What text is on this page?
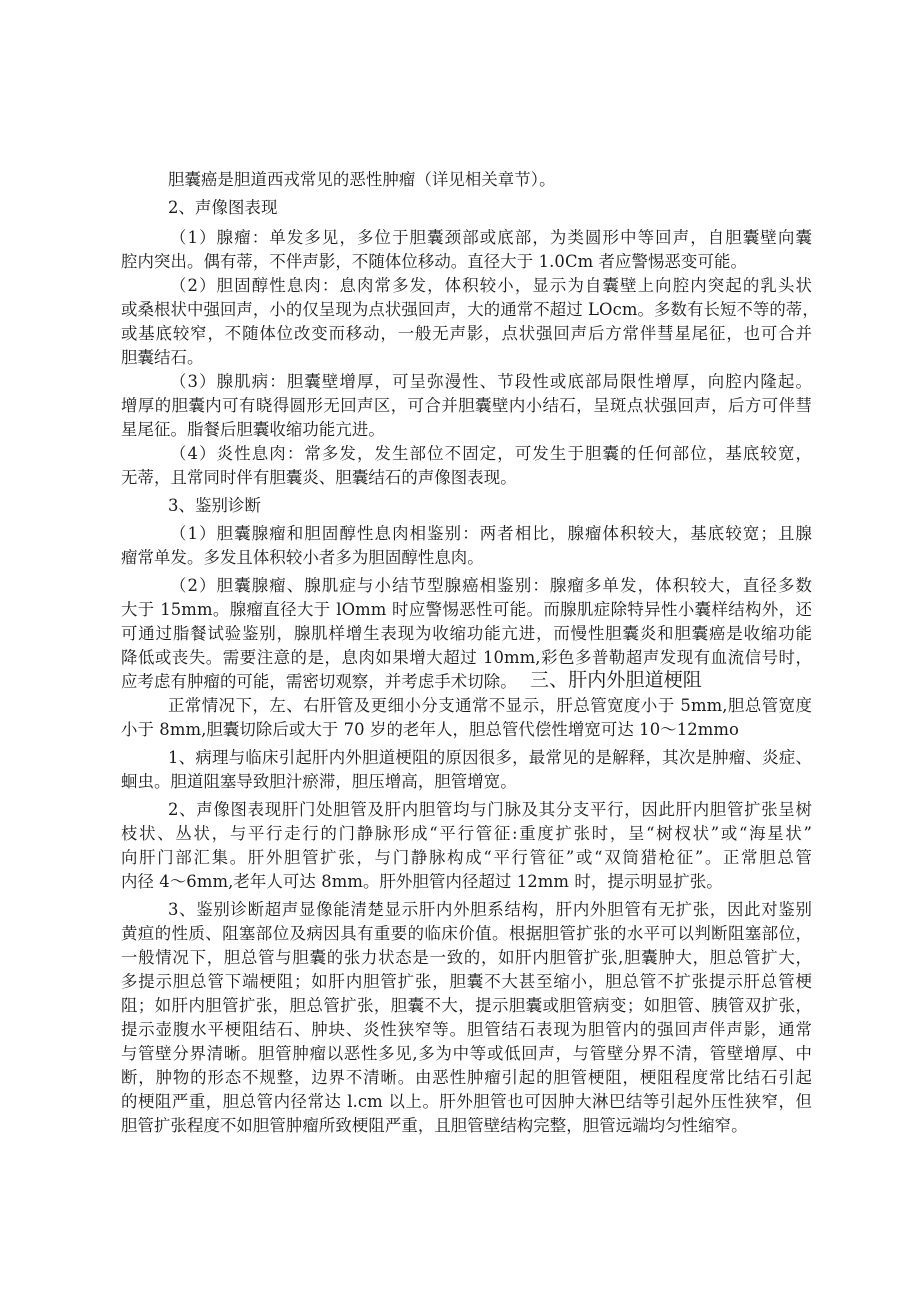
胆囊癌是胆道西戎常见的恶性肿瘤（详见相关章节）。
2、声像图表现
（1）腺瘤：单发多见，多位于胆囊颈部或底部，为类圆形中等回声，自胆囊壁向囊
腔内突出。偶有蒂，不伴声影，不随体位移动。直径大于 1.0Cm 者应警惕恶变可能。
（2）胆固醇性息肉：息肉常多发，体积较小，显示为自囊壁上向腔内突起的乳头状
或桑根状中强回声，小的仅呈现为点状强回声，大的通常不超过 LOcm。多数有长短不等的蒂，
或基底较窄，不随体位改变而移动，一般无声影，点状强回声后方常伴彗星尾征，也可合并
胆囊结石。
（3）腺肌病：胆囊壁增厚，可呈弥漫性、节段性或底部局限性增厚，向腔内隆起。
增厚的胆囊内可有晓得圆形无回声区，可合并胆囊壁内小结石，呈斑点状强回声，后方可伴彗
星尾征。脂餐后胆囊收缩功能亢进。
（4）炎性息肉：常多发，发生部位不固定，可发生于胆囊的任何部位，基底较宽，
无蒂，且常同时伴有胆囊炎、胆囊结石的声像图表现。
3、鉴别诊断
（1）胆囊腺瘤和胆固醇性息肉相鉴别：两者相比，腺瘤体积较大，基底较宽；且腺
瘤常单发。多发且体积较小者多为胆固醇性息肉。
（2）胆囊腺瘤、腺肌症与小结节型腺癌相鉴别：腺瘤多单发，体积较大，直径多数
大于 15mm。腺瘤直径大于 lOmm 时应警惕恶性可能。而腺肌症除特异性小囊样结构外，还
可通过脂餐试验鉴别，腺肌样增生表现为收缩功能亢进，而慢性胆囊炎和胆囊癌是收缩功能
降低或丧失。需要注意的是，息肉如果增大超过 10mm,彩色多普勒超声发现有血流信号时，
应考虑有肿瘤的可能，需密切观察，并考虑手术切除。 三、肝内外胆道梗阻
正常情况下，左、右肝管及更细小分支通常不显示，肝总管宽度小于 5mm,胆总管宽度
小于 8mm,胆囊切除后或大于 70 岁的老年人，胆总管代偿性增宽可达 10～12mmo
1、病理与临床引起肝内外胆道梗阻的原因很多，最常见的是解释，其次是肿瘤、炎症、
蛔虫。胆道阻塞导致胆汁瘀滞，胆压增高，胆管增宽。
2、声像图表现肝门处胆管及肝内胆管均与门脉及其分支平行，因此肝内胆管扩张呈树
枝状、丛状，与平行走行的门静脉形成“平行管征:重度扩张时，呈“树杈状”或“海星状”
向肝门部汇集。肝外胆管扩张，与门静脉构成“平行管征”或“双筒猎枪征”。正常胆总管
内径 4～6mm,老年人可达 8mm。肝外胆管内径超过 12mm 时，提示明显扩张。
3、鉴别诊断超声显像能清楚显示肝内外胆系结构，肝内外胆管有无扩张，因此对鉴别
黄疸的性质、阻塞部位及病因具有重要的临床价值。根据胆管扩张的水平可以判断阻塞部位，
一般情况下，胆总管与胆囊的张力状态是一致的，如肝内胆管扩张,胆囊肿大，胆总管扩大，
多提示胆总管下端梗阻；如肝内胆管扩张，胆囊不大甚至缩小，胆总管不扩张提示肝总管梗
阻；如肝内胆管扩张，胆总管扩张，胆囊不大，提示胆囊或胆管病变；如胆管、胰管双扩张，
提示壶腹水平梗阻结石、肿块、炎性狭窄等。胆管结石表现为胆管内的强回声伴声影，通常
与管壁分界清晰。胆管肿瘤以恶性多见,多为中等或低回声，与管壁分界不清，管壁增厚、中
断，肿物的形态不规整，边界不清晰。由恶性肿瘤引起的胆管梗阻，梗阻程度常比结石引起
的梗阻严重，胆总管内径常达 l.cm 以上。肝外胆管也可因肿大淋巴结等引起外压性狭窄，但
胆管扩张程度不如胆管肿瘤所致梗阻严重，且胆管壁结构完整，胆管远端均匀性缩窄。
